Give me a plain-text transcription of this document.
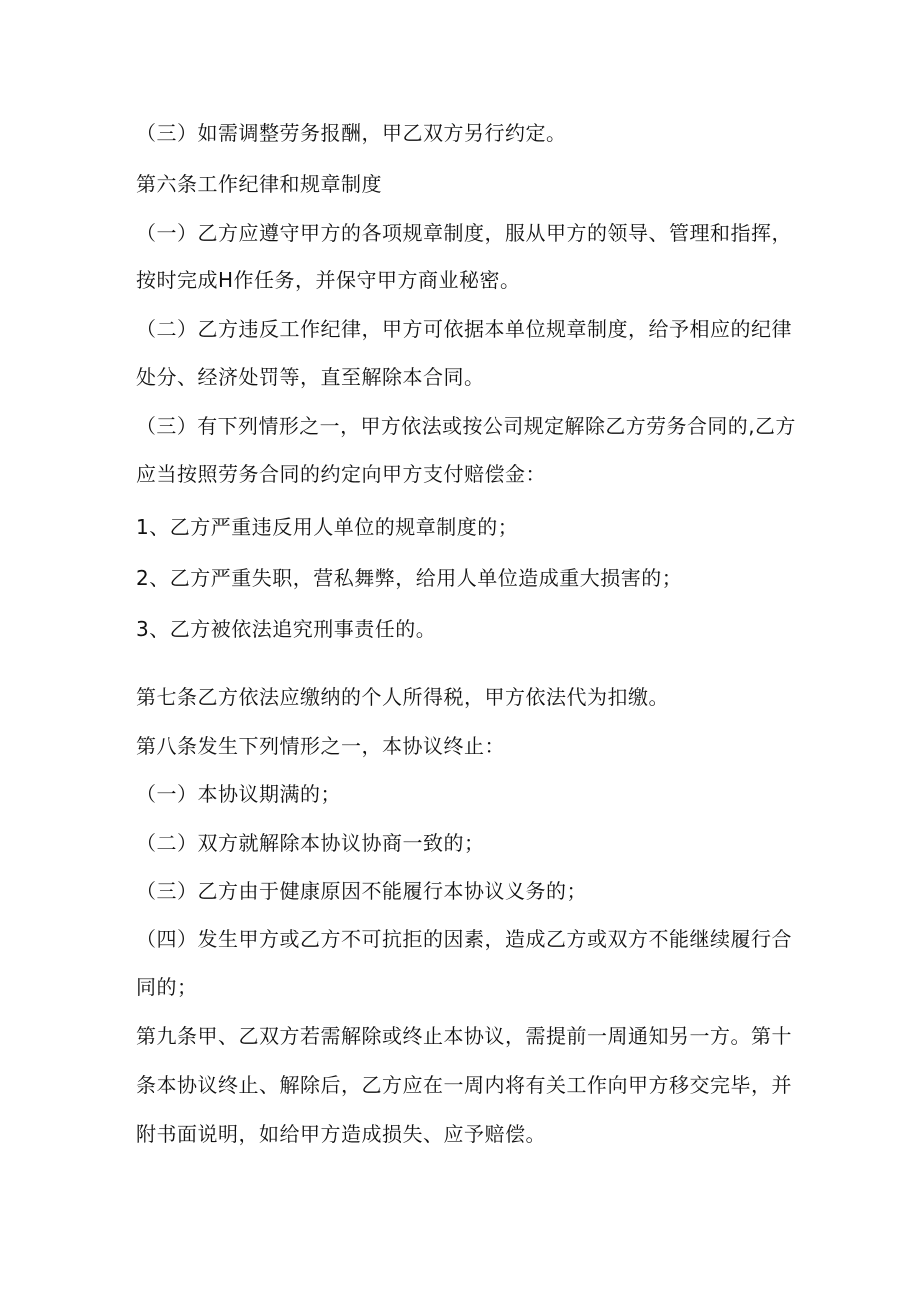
（三）如需调整劳务报酬，甲乙双方另行约定。
第六条工作纪律和规章制度
（一）乙方应遵守甲方的各项规章制度，服从甲方的领导、管理和指挥，
按时完成H作任务，并保守甲方商业秘密。
（二）乙方违反工作纪律，甲方可依据本单位规章制度，给予相应的纪律
处分、经济处罚等，直至解除本合同。
（三）有下列情形之一，甲方依法或按公司规定解除乙方劳务合同的,乙方
应当按照劳务合同的约定向甲方支付赔偿金：
1、乙方严重违反用人单位的规章制度的；
2、乙方严重失职，营私舞弊，给用人单位造成重大损害的；
3、乙方被依法追究刑事责任的。
第七条乙方依法应缴纳的个人所得税，甲方依法代为扣缴。
第八条发生下列情形之一，本协议终止：
（一）本协议期满的；
（二）双方就解除本协议协商一致的；
（三）乙方由于健康原因不能履行本协议义务的；
（四）发生甲方或乙方不可抗拒的因素，造成乙方或双方不能继续履行合
同的；
第九条甲、乙双方若需解除或终止本协议，需提前一周通知另一方。第十
条本协议终止、解除后，乙方应在一周内将有关工作向甲方移交完毕，并
附书面说明，如给甲方造成损失、应予赔偿。
